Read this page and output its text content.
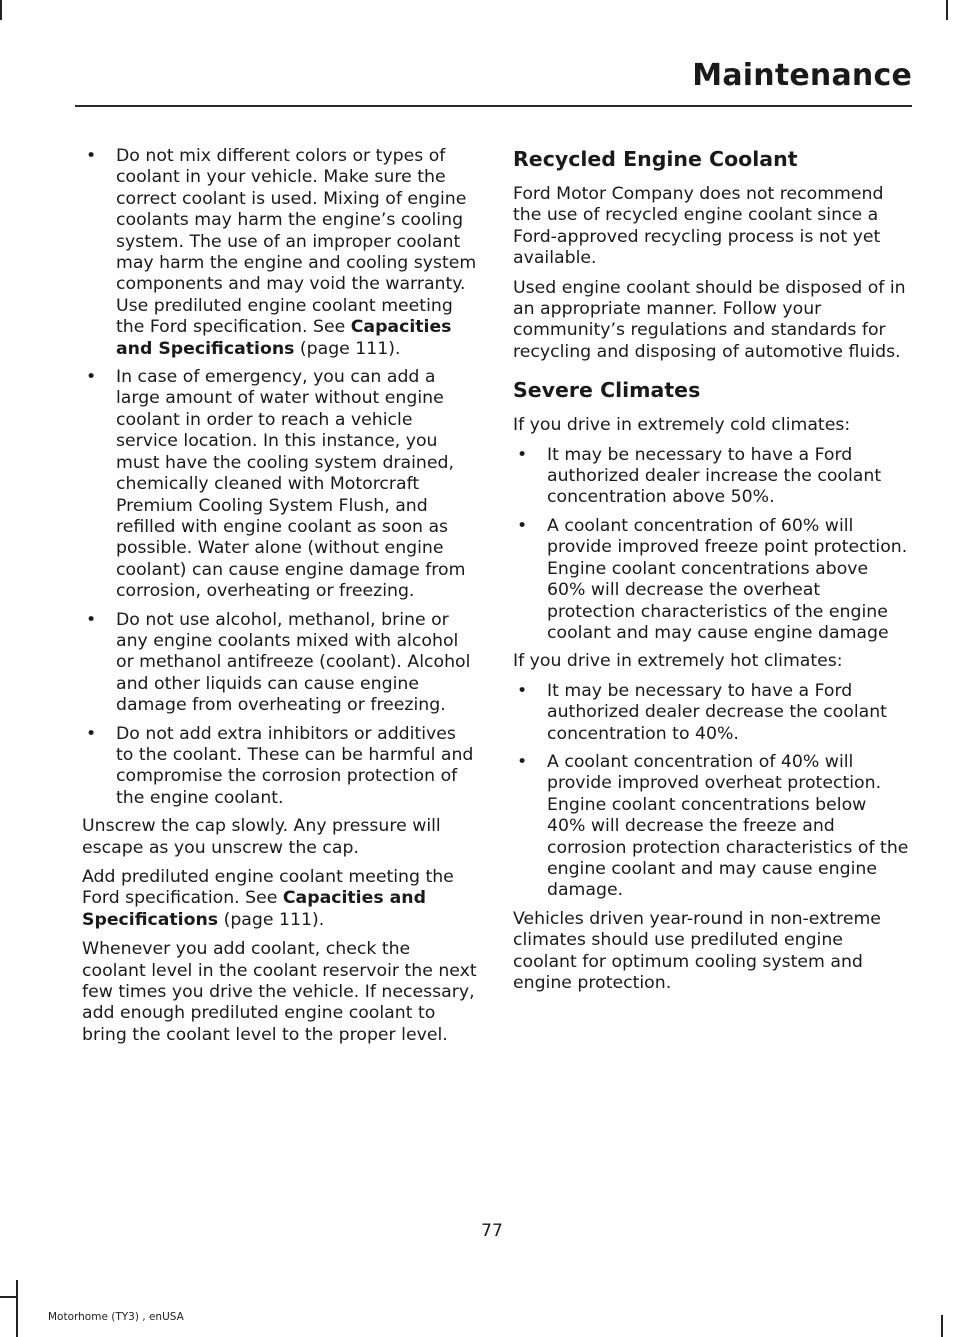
Maintenance
• Do not mix different colors or types of coolant in your vehicle. Make sure the correct coolant is used. Mixing of engine coolants may harm the engine’s cooling system. The use of an improper coolant may harm the engine and cooling system components and may void the warranty. Use prediluted engine coolant meeting the Ford specification. See Capacities and Specifications (page 111).
• In case of emergency, you can add a large amount of water without engine coolant in order to reach a vehicle service location. In this instance, you must have the cooling system drained, chemically cleaned with Motorcraft Premium Cooling System Flush, and refilled with engine coolant as soon as possible. Water alone (without engine coolant) can cause engine damage from corrosion, overheating or freezing.
• Do not use alcohol, methanol, brine or any engine coolants mixed with alcohol or methanol antifreeze (coolant). Alcohol and other liquids can cause engine damage from overheating or freezing.
• Do not add extra inhibitors or additives to the coolant. These can be harmful and compromise the corrosion protection of the engine coolant.

Unscrew the cap slowly. Any pressure will escape as you unscrew the cap.

Add prediluted engine coolant meeting the Ford specification. See Capacities and Specifications (page 111).

Whenever you add coolant, check the coolant level in the coolant reservoir the next few times you drive the vehicle. If necessary, add enough prediluted engine coolant to bring the coolant level to the proper level.

Recycled Engine Coolant

Ford Motor Company does not recommend the use of recycled engine coolant since a Ford-approved recycling process is not yet available.

Used engine coolant should be disposed of in an appropriate manner. Follow your community’s regulations and standards for recycling and disposing of automotive fluids.

Severe Climates

If you drive in extremely cold climates:

• It may be necessary to have a Ford authorized dealer increase the coolant concentration above 50%.
• A coolant concentration of 60% will provide improved freeze point protection. Engine coolant concentrations above 60% will decrease the overheat protection characteristics of the engine coolant and may cause engine damage

If you drive in extremely hot climates:

• It may be necessary to have a Ford authorized dealer decrease the coolant concentration to 40%.
• A coolant concentration of 40% will provide improved overheat protection. Engine coolant concentrations below 40% will decrease the freeze and corrosion protection characteristics of the engine coolant and may cause engine damage.

Vehicles driven year-round in non-extreme climates should use prediluted engine coolant for optimum cooling system and engine protection.

77
Motorhome (TY3) , enUSA
